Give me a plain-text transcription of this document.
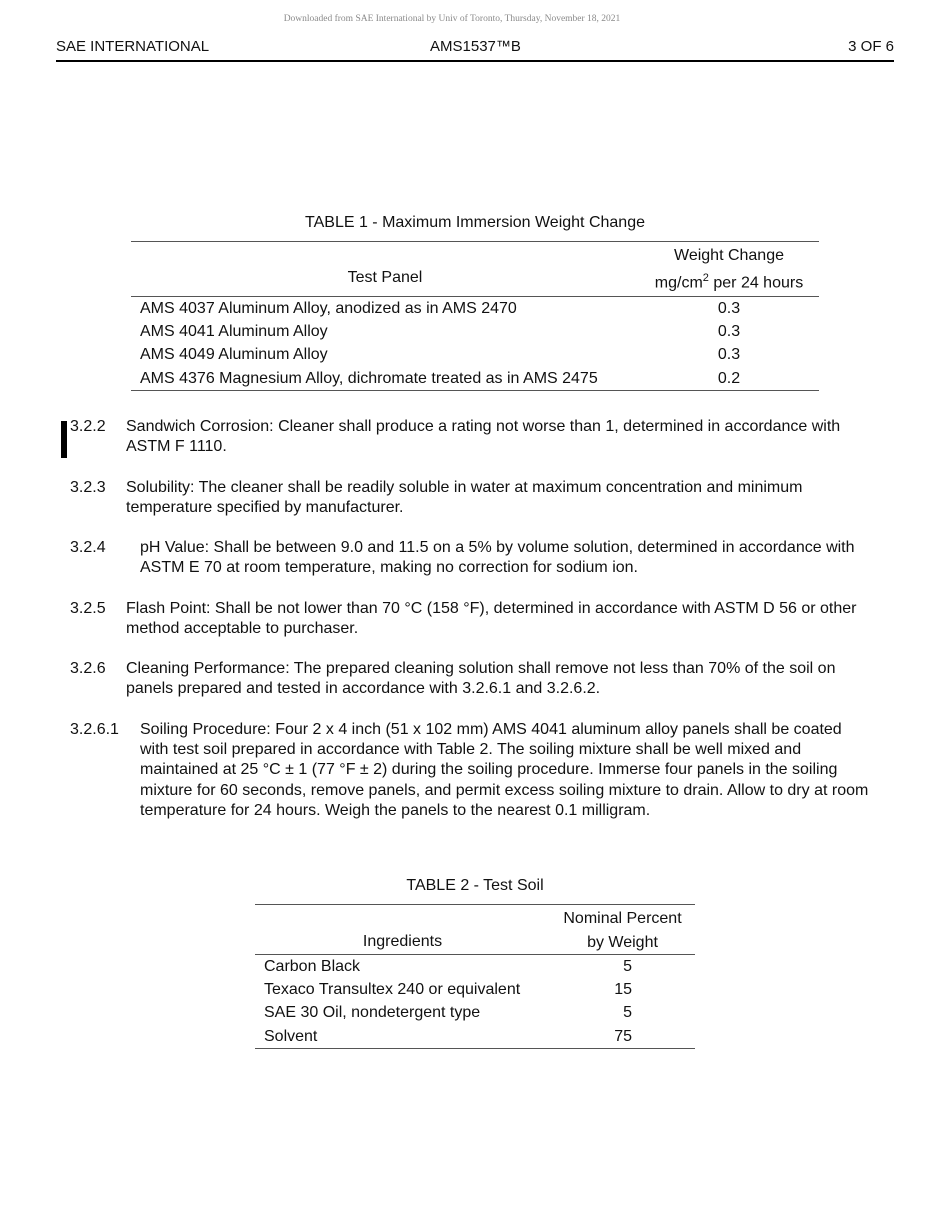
Downloaded from SAE International by Univ of Toronto, Thursday, November 18, 2021
SAE INTERNATIONAL	AMS1537™B	3 OF 6
TABLE 1 - Maximum Immersion Weight Change
Test Panel	Weight Change
	$mg/cm^2$ per 24 hours
AMS 4037 Aluminum Alloy, anodized as in AMS 2470	0.3
AMS 4041 Aluminum Alloy	0.3
AMS 4049 Aluminum Alloy	0.3
AMS 4376 Magnesium Alloy, dichromate treated as in AMS 2475	0.2
3.2.2 Sandwich Corrosion: Cleaner shall produce a rating not worse than 1, determined in accordance with ASTM F 1110.
3.2.3 Solubility: The cleaner shall be readily soluble in water at maximum concentration and minimum temperature specified by manufacturer.
3.2.4 pH Value: Shall be between 9.0 and 11.5 on a 5% by volume solution, determined in accordance with ASTM E 70 at room temperature, making no correction for sodium ion.
3.2.5 Flash Point: Shall be not lower than 70 °C (158 °F), determined in accordance with ASTM D 56 or other method acceptable to purchaser.
3.2.6 Cleaning Performance: The prepared cleaning solution shall remove not less than 70% of the soil on panels prepared and tested in accordance with 3.2.6.1 and 3.2.6.2.
3.2.6.1 Soiling Procedure: Four 2 x 4 inch (51 x 102 mm) AMS 4041 aluminum alloy panels shall be coated with test soil prepared in accordance with Table 2. The soiling mixture shall be well mixed and maintained at 25 °C ± 1 (77 °F ± 2) during the soiling procedure. Immerse four panels in the soiling mixture for 60 seconds, remove panels, and permit excess soiling mixture to drain. Allow to dry at room temperature for 24 hours. Weigh the panels to the nearest 0.1 milligram.
TABLE 2 - Test Soil
Ingredients	Nominal Percent
	by Weight
Carbon Black	5
Texaco Transultex 240 or equivalent	15
SAE 30 Oil, nondetergent type	5
Solvent	75
